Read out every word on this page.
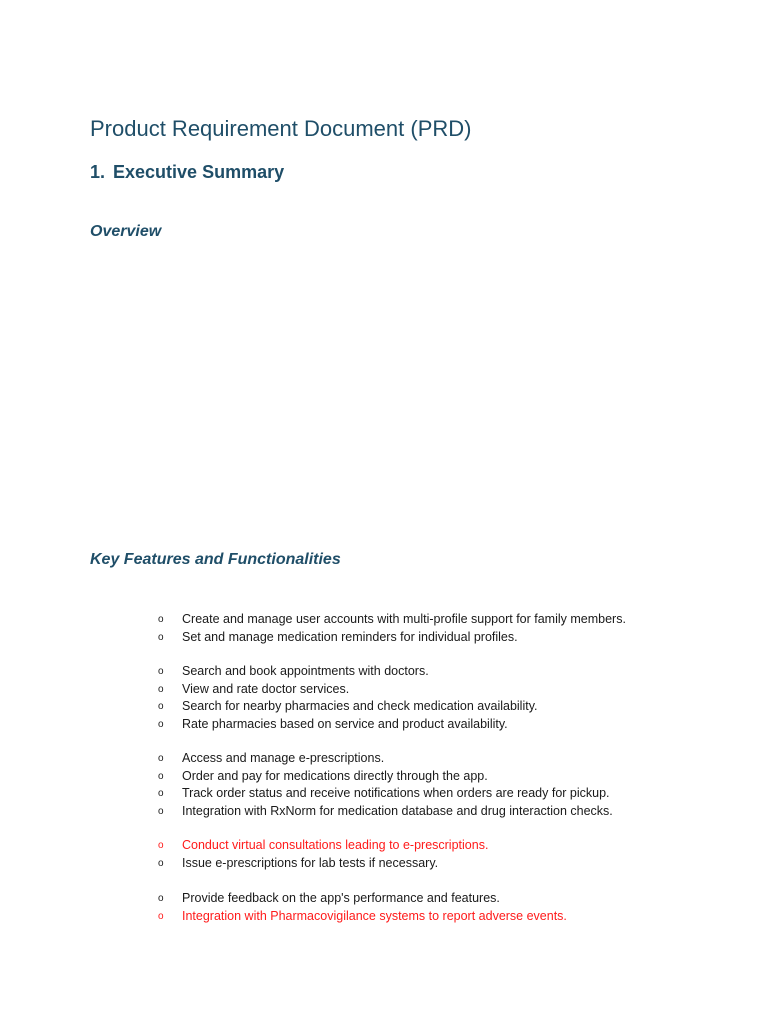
Product Requirement Document (PRD)
1. Executive Summary
Overview
Key Features and Functionalities
o	Create and manage user accounts with multi-profile support for family members.
o	Set and manage medication reminders for individual profiles.
o	Search and book appointments with doctors.
o	View and rate doctor services.
o	Search for nearby pharmacies and check medication availability.
o	Rate pharmacies based on service and product availability.
o	Access and manage e-prescriptions.
o	Order and pay for medications directly through the app.
o	Track order status and receive notifications when orders are ready for pickup.
o	Integration with RxNorm for medication database and drug interaction checks.
o	Conduct virtual consultations leading to e-prescriptions.
o	Issue e-prescriptions for lab tests if necessary.
o	Provide feedback on the app's performance and features.
o	Integration with Pharmacovigilance systems to report adverse events.
